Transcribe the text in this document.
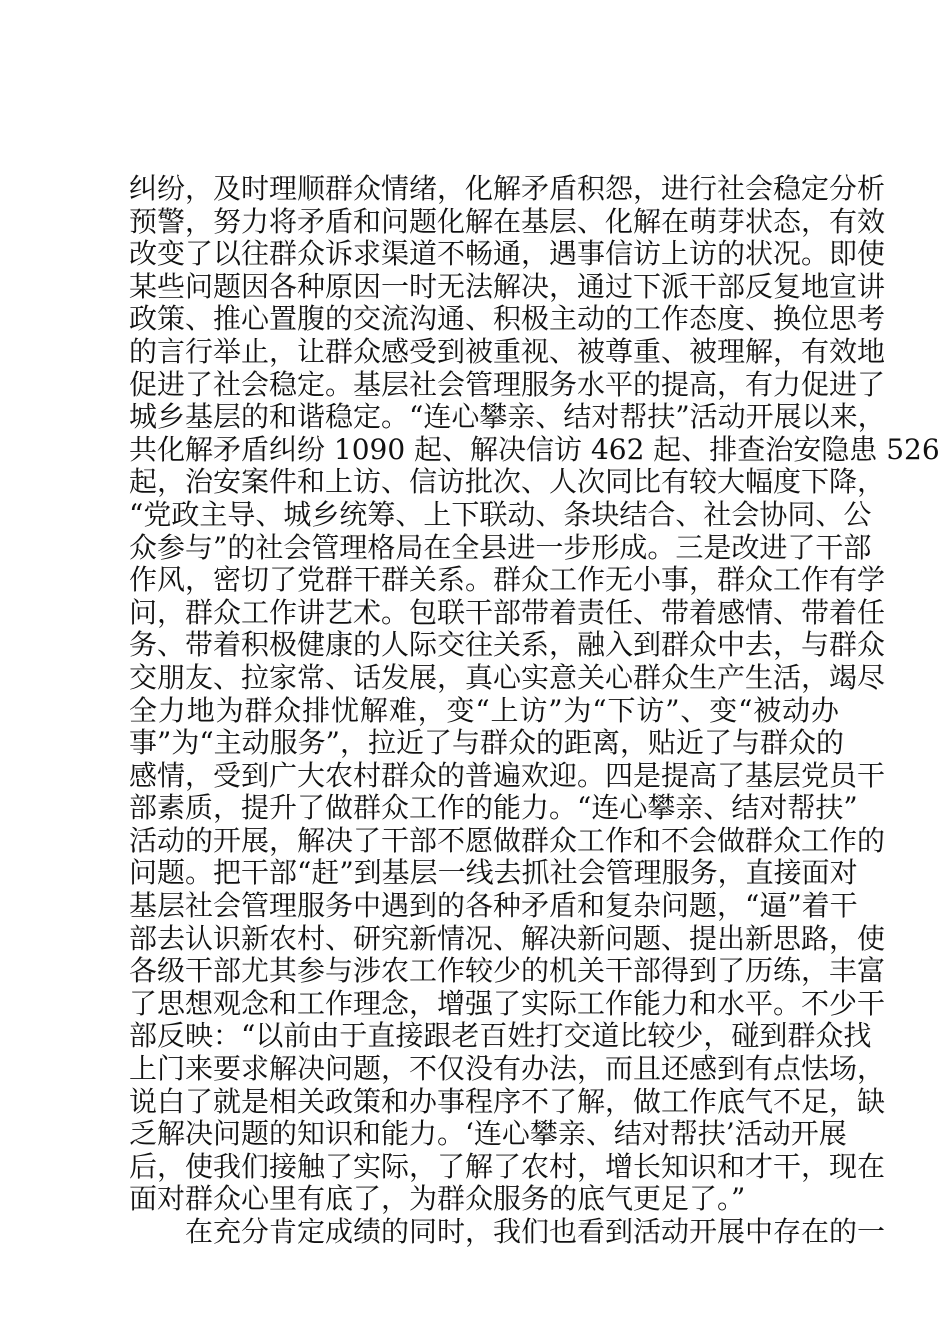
纠纷，及时理顺群众情绪，化解矛盾积怨，进行社会稳定分析
预警，努力将矛盾和问题化解在基层、化解在萌芽状态，有效
改变了以往群众诉求渠道不畅通，遇事信访上访的状况。即使
某些问题因各种原因一时无法解决，通过下派干部反复地宣讲
政策、推心置腹的交流沟通、积极主动的工作态度、换位思考
的言行举止，让群众感受到被重视、被尊重、被理解，有效地
促进了社会稳定。基层社会管理服务水平的提高，有力促进了
城乡基层的和谐稳定。“连心攀亲、结对帮扶”活动开展以来，
共化解矛盾纠纷 1090 起、解决信访 462 起、排查治安隐患 526
起，治安案件和上访、信访批次、人次同比有较大幅度下降，
“党政主导、城乡统筹、上下联动、条块结合、社会协同、公
众参与”的社会管理格局在全县进一步形成。三是改进了干部
作风，密切了党群干群关系。群众工作无小事，群众工作有学
问，群众工作讲艺术。包联干部带着责任、带着感情、带着任
务、带着积极健康的人际交往关系，融入到群众中去，与群众
交朋友、拉家常、话发展，真心实意关心群众生产生活，竭尽
全力地为群众排忧解难，变“上访”为“下访”、变“被动办
事”为“主动服务”，拉近了与群众的距离，贴近了与群众的
感情，受到广大农村群众的普遍欢迎。四是提高了基层党员干
部素质，提升了做群众工作的能力。“连心攀亲、结对帮扶”
活动的开展，解决了干部不愿做群众工作和不会做群众工作的
问题。把干部“赶”到基层一线去抓社会管理服务，直接面对
基层社会管理服务中遇到的各种矛盾和复杂问题，“逼”着干
部去认识新农村、研究新情况、解决新问题、提出新思路，使
各级干部尤其参与涉农工作较少的机关干部得到了历练，丰富
了思想观念和工作理念，增强了实际工作能力和水平。不少干
部反映：“以前由于直接跟老百姓打交道比较少，碰到群众找
上门来要求解决问题，不仅没有办法，而且还感到有点怯场，
说白了就是相关政策和办事程序不了解，做工作底气不足，缺
乏解决问题的知识和能力。‘连心攀亲、结对帮扶’活动开展
后，使我们接触了实际，了解了农村，增长知识和才干，现在
面对群众心里有底了，为群众服务的底气更足了。”
在充分肯定成绩的同时，我们也看到活动开展中存在的一
